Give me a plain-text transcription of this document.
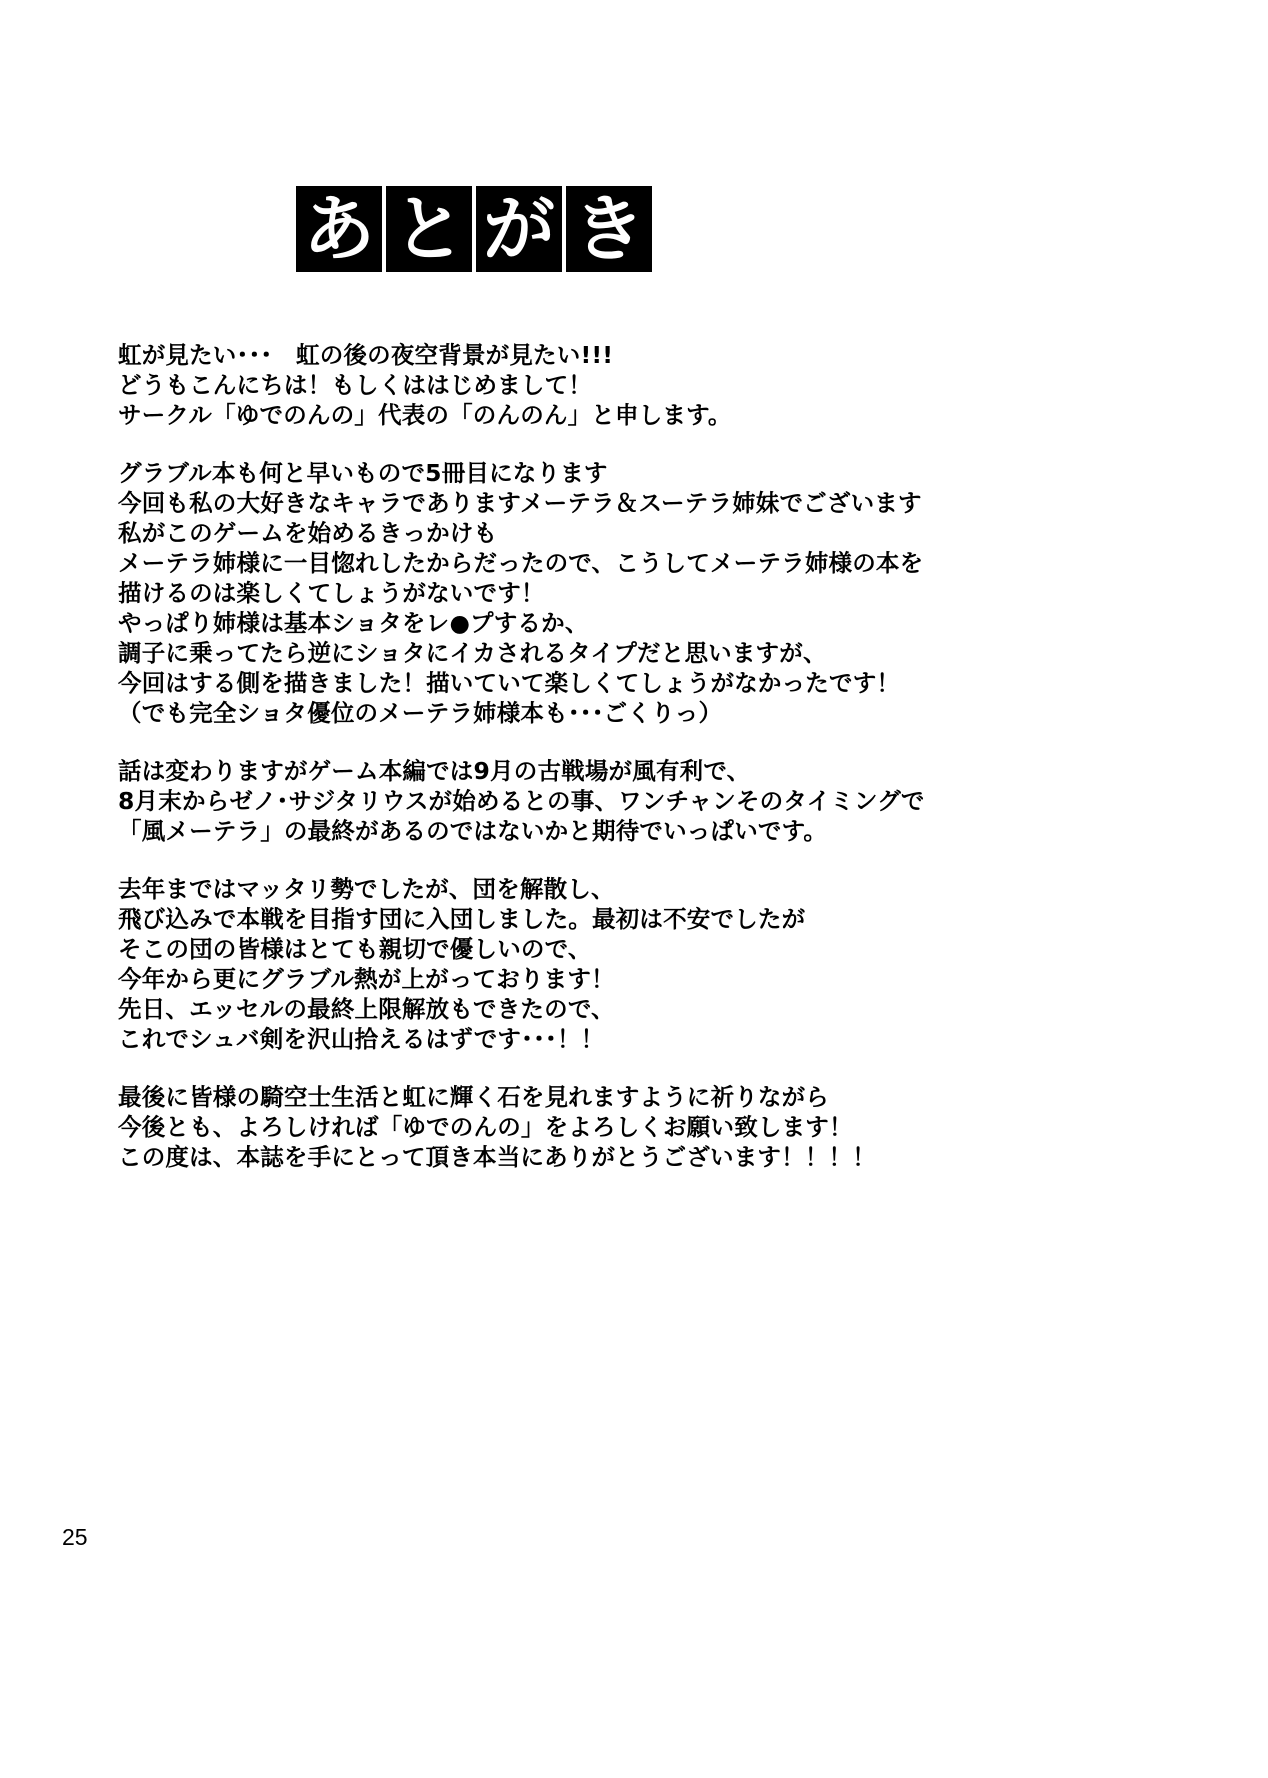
あ と が き
虹が見たい･･･　虹の後の夜空背景が見たい!!!
どうもこんにちは！もしくははじめまして！
サークル「ゆでのんの」代表の「のんのん」と申します。
グラブル本も何と早いもので5冊目になります
今回も私の大好きなキャラでありますメーテラ＆スーテラ姉妹でございます
私がこのゲームを始めるきっかけも
メーテラ姉様に一目惚れしたからだったので、こうしてメーテラ姉様の本を
描けるのは楽しくてしょうがないです！
やっぱり姉様は基本ショタをレ●プするか、
調子に乗ってたら逆にショタにイカされるタイプだと思いますが、
今回はする側を描きました！描いていて楽しくてしょうがなかったです！
（でも完全ショタ優位のメーテラ姉様本も･･･ごくりっ）
話は変わりますがゲーム本編では9月の古戦場が風有利で、
8月末からゼノ･サジタリウスが始めるとの事、ワンチャンそのタイミングで
「風メーテラ」の最終があるのではないかと期待でいっぱいです。
去年まではマッタリ勢でしたが、団を解散し、
飛び込みで本戦を目指す団に入団しました。最初は不安でしたが
そこの団の皆様はとても親切で優しいので、
今年から更にグラブル熱が上がっております！
先日、エッセルの最終上限解放もできたので、
これでシュバ剣を沢山拾えるはずです･･･！！
最後に皆様の騎空士生活と虹に輝く石を見れますように祈りながら
今後とも、よろしければ「ゆでのんの」をよろしくお願い致します！
この度は、本誌を手にとって頂き本当にありがとうございます！！！！
25
